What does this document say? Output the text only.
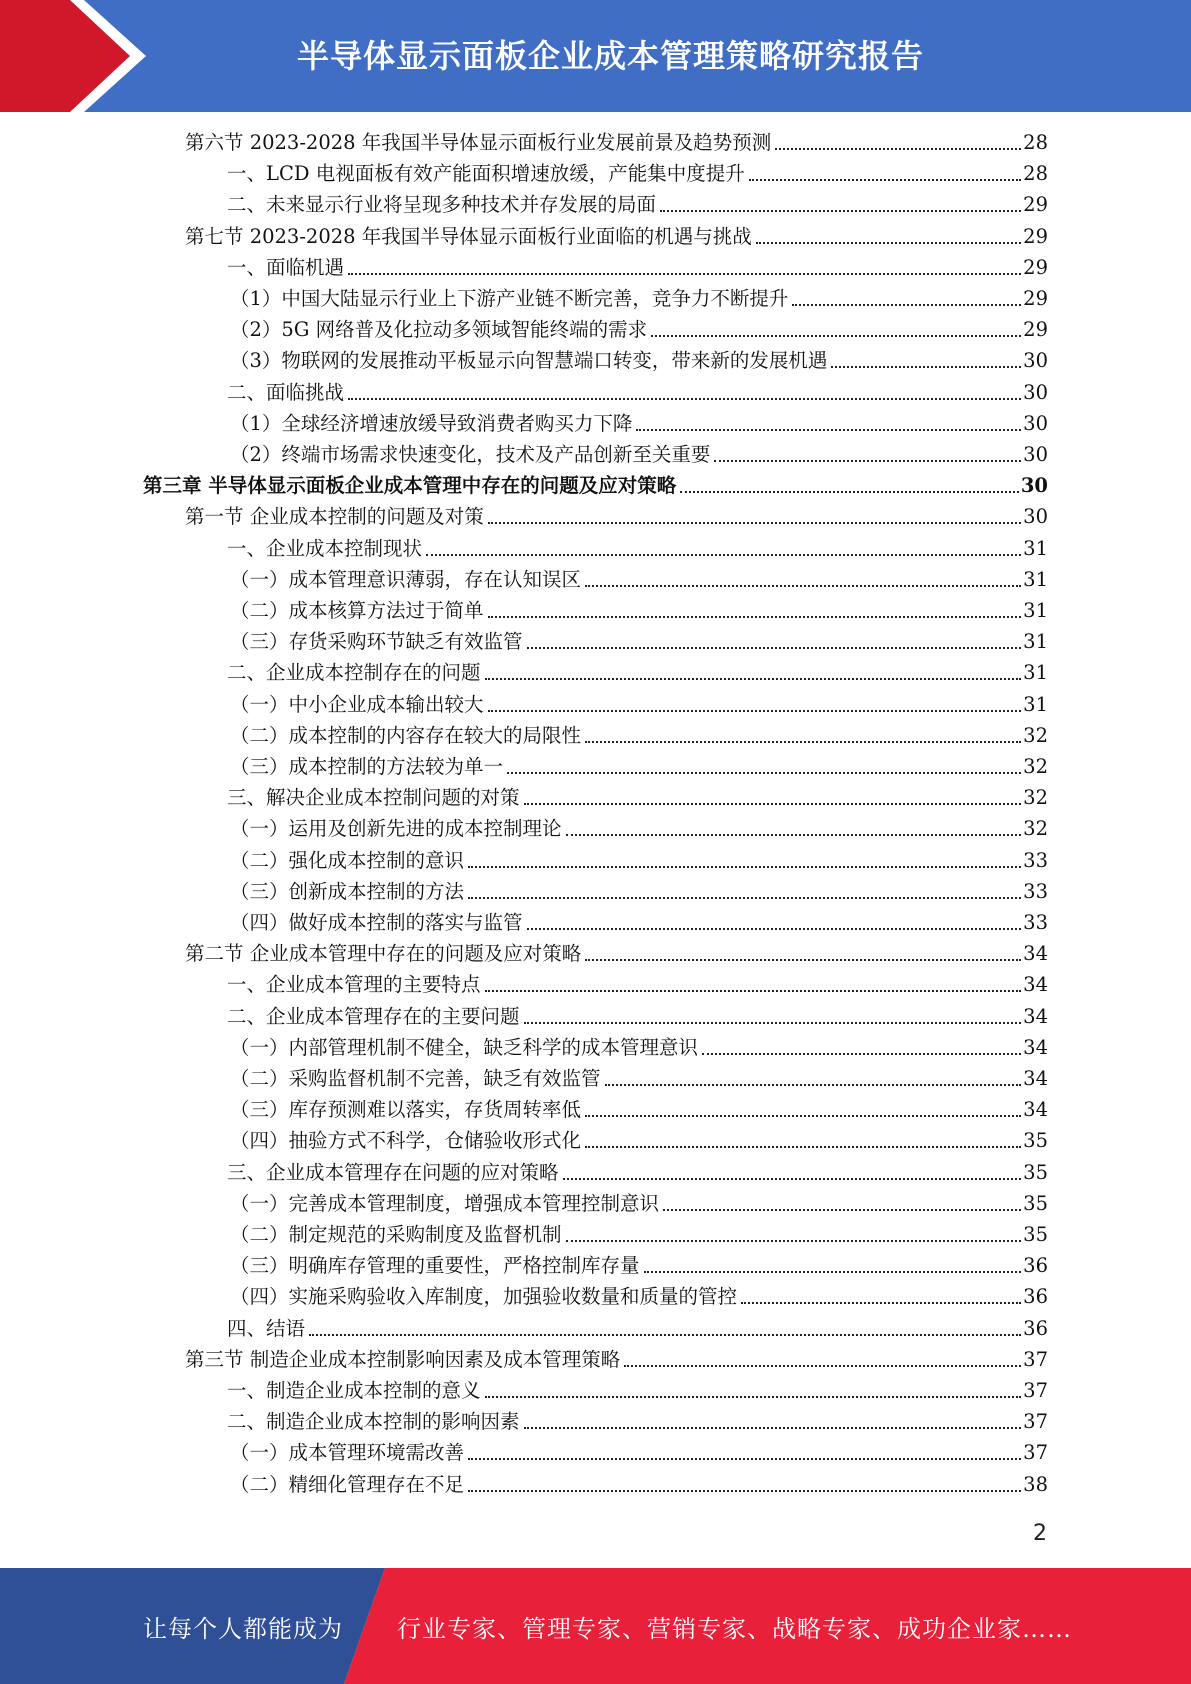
半导体显示面板企业成本管理策略研究报告
第六节 2023-2028 年我国半导体显示面板行业发展前景及趋势预测	28
一、LCD 电视面板有效产能面积增速放缓，产能集中度提升	28
二、未来显示行业将呈现多种技术并存发展的局面	29
第七节 2023-2028 年我国半导体显示面板行业面临的机遇与挑战	29
一、面临机遇	29
（1）中国大陆显示行业上下游产业链不断完善，竞争力不断提升	29
（2）5G 网络普及化拉动多领域智能终端的需求	29
（3）物联网的发展推动平板显示向智慧端口转变，带来新的发展机遇	30
二、面临挑战	30
（1）全球经济增速放缓导致消费者购买力下降	30
（2）终端市场需求快速变化，技术及产品创新至关重要	30
第三章 半导体显示面板企业成本管理中存在的问题及应对策略	30
第一节 企业成本控制的问题及对策	30
一、企业成本控制现状	31
（一）成本管理意识薄弱，存在认知误区	31
（二）成本核算方法过于简单	31
（三）存货采购环节缺乏有效监管	31
二、企业成本控制存在的问题	31
（一）中小企业成本输出较大	31
（二）成本控制的内容存在较大的局限性	32
（三）成本控制的方法较为单一	32
三、解决企业成本控制问题的对策	32
（一）运用及创新先进的成本控制理论	32
（二）强化成本控制的意识	33
（三）创新成本控制的方法	33
（四）做好成本控制的落实与监管	33
第二节 企业成本管理中存在的问题及应对策略	34
一、企业成本管理的主要特点	34
二、企业成本管理存在的主要问题	34
（一）内部管理机制不健全，缺乏科学的成本管理意识	34
（二）采购监督机制不完善，缺乏有效监管	34
（三）库存预测难以落实，存货周转率低	34
（四）抽验方式不科学，仓储验收形式化	35
三、企业成本管理存在问题的应对策略	35
（一）完善成本管理制度，增强成本管理控制意识	35
（二）制定规范的采购制度及监督机制	35
（三）明确库存管理的重要性，严格控制库存量	36
（四）实施采购验收入库制度，加强验收数量和质量的管控	36
四、结语	36
第三节 制造企业成本控制影响因素及成本管理策略	37
一、制造企业成本控制的意义	37
二、制造企业成本控制的影响因素	37
（一）成本管理环境需改善	37
（二）精细化管理存在不足	38
2
让每个人都能成为 行业专家、管理专家、营销专家、战略专家、成功企业家……
